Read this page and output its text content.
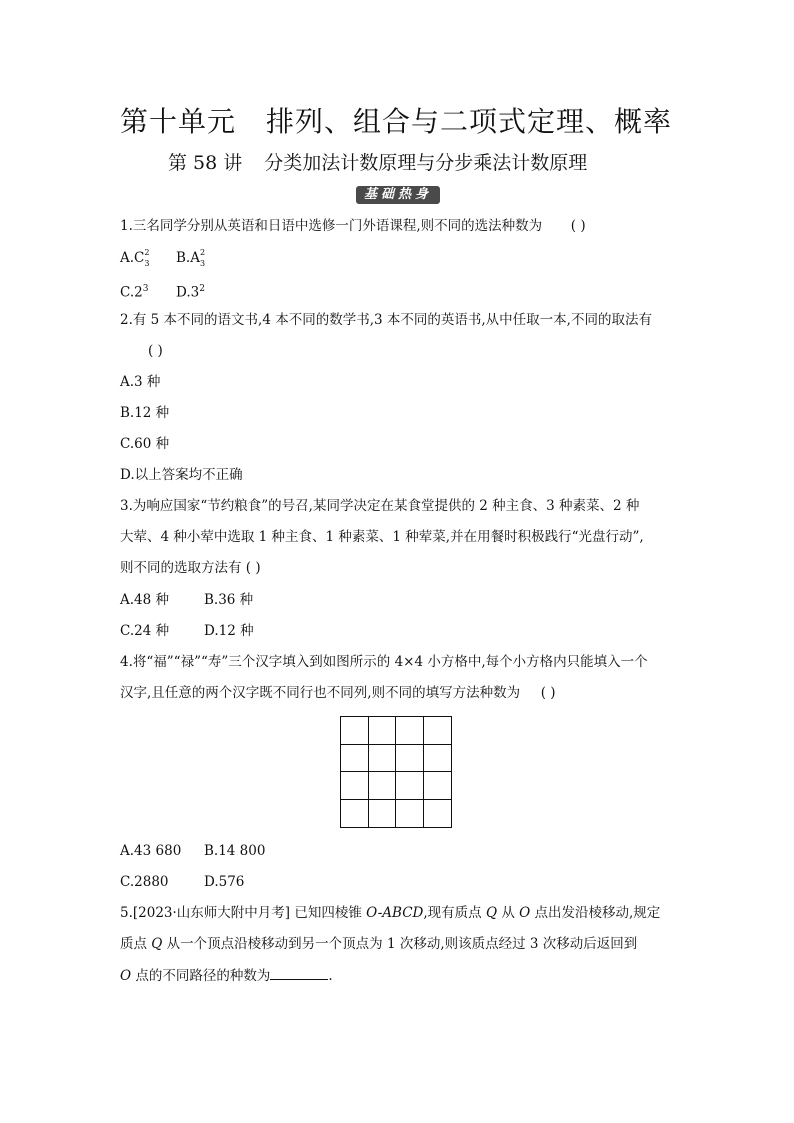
第十单元 排列、组合与二项式定理、概率
第 58 讲 分类加法计数原理与分步乘法计数原理
基础热身
1.三名同学分别从英语和日语中选修一门外语课程,则不同的选法种数为 ( )
A.C 2
3 B.A 2
3
$C.2^3$ $D.3^2$
2.有 5 本不同的语文书,4 本不同的数学书,3 本不同的英语书,从中任取一本,不同的取法有
( )
A.3 种
B.12 种
C.60 种
D.以上答案均不正确
3.为响应国家“节约粮食”的号召,某同学决定在某食堂提供的 2 种主食、3 种素菜、2 种
大荤、4 种小荤中选取 1 种主食、1 种素菜、1 种荤菜,并在用餐时积极践行“光盘行动”,
则不同的选取方法有 ( )
A.48 种	B.36 种
C.24 种	D.12 种
4.将“福”“禄”“寿”三个汉字填入到如图所示的 4×4 小方格中,每个小方格内只能填入一个
汉字,且任意的两个汉字既不同行也不同列,则不同的填写方法种数为 ( )
A.43 680 B.14 800
C.2880	D.576
5.[2023·山东师大附中月考] 已知四棱锥 O-ABCD,现有质点 Q 从 O 点出发沿棱移动,规定
质点 Q 从一个顶点沿棱移动到另一个顶点为 1 次移动,则该质点经过 3 次移动后返回到
O 点的不同路径的种数为	.
